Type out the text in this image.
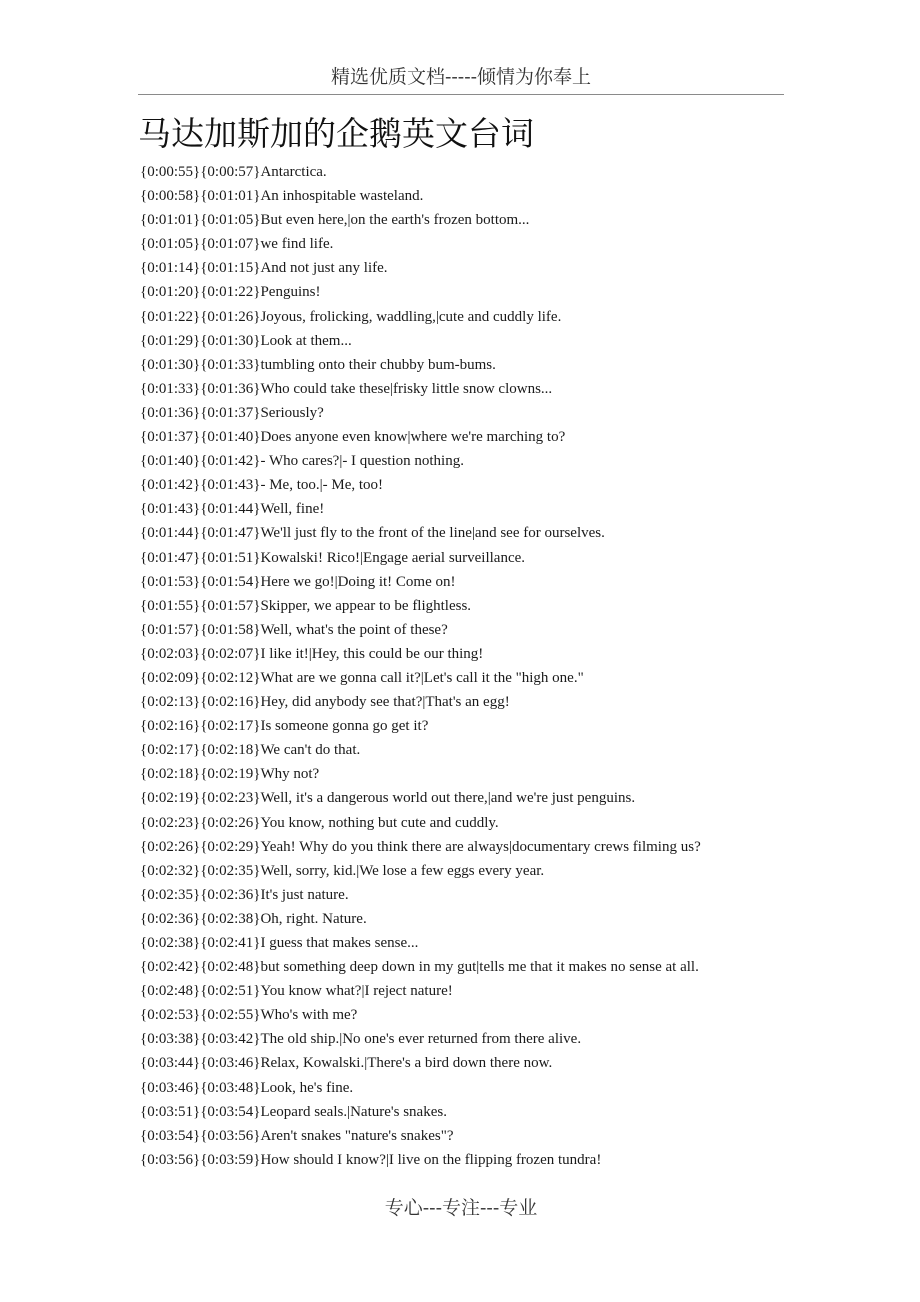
精选优质文档-----倾情为你奉上
马达加斯加的企鹅英文台词
{0:00:55}{0:00:57}Antarctica.
{0:00:58}{0:01:01}An inhospitable wasteland.
{0:01:01}{0:01:05}But even here,|on the earth's frozen bottom...
{0:01:05}{0:01:07}we find life.
{0:01:14}{0:01:15}And not just any life.
{0:01:20}{0:01:22}Penguins!
{0:01:22}{0:01:26}Joyous, frolicking, waddling,|cute and cuddly life.
{0:01:29}{0:01:30}Look at them...
{0:01:30}{0:01:33}tumbling onto their chubby bum-bums.
{0:01:33}{0:01:36}Who could take these|frisky little snow clowns...
{0:01:36}{0:01:37}Seriously?
{0:01:37}{0:01:40}Does anyone even know|where we're marching to?
{0:01:40}{0:01:42}- Who cares?|- I question nothing.
{0:01:42}{0:01:43}- Me, too.|- Me, too!
{0:01:43}{0:01:44}Well, fine!
{0:01:44}{0:01:47}We'll just fly to the front of the line|and see for ourselves.
{0:01:47}{0:01:51}Kowalski! Rico!|Engage aerial surveillance.
{0:01:53}{0:01:54}Here we go!|Doing it! Come on!
{0:01:55}{0:01:57}Skipper, we appear to be flightless.
{0:01:57}{0:01:58}Well, what's the point of these?
{0:02:03}{0:02:07}I like it!|Hey, this could be our thing!
{0:02:09}{0:02:12}What are we gonna call it?|Let's call it the "high one."
{0:02:13}{0:02:16}Hey, did anybody see that?|That's an egg!
{0:02:16}{0:02:17}Is someone gonna go get it?
{0:02:17}{0:02:18}We can't do that.
{0:02:18}{0:02:19}Why not?
{0:02:19}{0:02:23}Well, it's a dangerous world out there,|and we're just penguins.
{0:02:23}{0:02:26}You know, nothing but cute and cuddly.
{0:02:26}{0:02:29}Yeah! Why do you think there are always|documentary crews filming us?
{0:02:32}{0:02:35}Well, sorry, kid.|We lose a few eggs every year.
{0:02:35}{0:02:36}It's just nature.
{0:02:36}{0:02:38}Oh, right. Nature.
{0:02:38}{0:02:41}I guess that makes sense...
{0:02:42}{0:02:48}but something deep down in my gut|tells me that it makes no sense at all.
{0:02:48}{0:02:51}You know what?|I reject nature!
{0:02:53}{0:02:55}Who's with me?
{0:03:38}{0:03:42}The old ship.|No one's ever returned from there alive.
{0:03:44}{0:03:46}Relax, Kowalski.|There's a bird down there now.
{0:03:46}{0:03:48}Look, he's fine.
{0:03:51}{0:03:54}Leopard seals.|Nature's snakes.
{0:03:54}{0:03:56}Aren't snakes "nature's snakes"?
{0:03:56}{0:03:59}How should I know?|I live on the flipping frozen tundra!
专心---专注---专业
